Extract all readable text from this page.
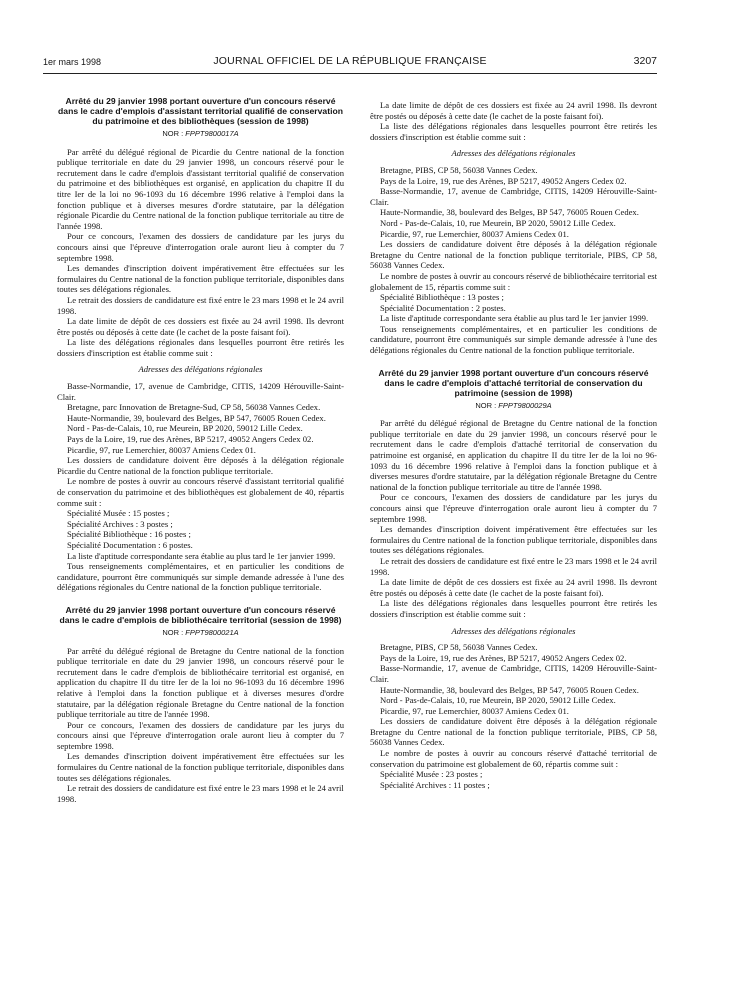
1er mars 1998	JOURNAL OFFICIEL DE LA RÉPUBLIQUE FRANÇAISE	3207
Arrêté du 29 janvier 1998 portant ouverture d'un concours réservé dans le cadre d'emplois d'assistant territorial qualifié de conservation du patrimoine et des bibliothèques (session de 1998)
NOR : FPPT9800017A

Par arrêté du délégué régional de Picardie du Centre national de la fonction publique territoriale en date du 29 janvier 1998, un concours réservé pour le recrutement dans le cadre d'emplois d'assistant territorial qualifié de conservation du patrimoine et des bibliothèques est organisé, en application du chapitre II du titre Ier de la loi no 96-1093 du 16 décembre 1996 relative à l'emploi dans la fonction publique et à diverses mesures d'ordre statutaire, par la délégation régionale Picardie du Centre national de la fonction publique territoriale au titre de l'année 1998.

Pour ce concours, l'examen des dossiers de candidature par les jurys du concours ainsi que l'épreuve d'interrogation orale auront lieu à compter du 7 septembre 1998.

Les demandes d'inscription doivent impérativement être effectuées sur les formulaires du Centre national de la fonction publique territoriale, disponibles dans toutes ses délégations régionales.

Le retrait des dossiers de candidature est fixé entre le 23 mars 1998 et le 24 avril 1998.

La date limite de dépôt de ces dossiers est fixée au 24 avril 1998. Ils devront être postés ou déposés à cette date (le cachet de la poste faisant foi).

La liste des délégations régionales dans lesquelles pourront être retirés les dossiers d'inscription est établie comme suit :

Adresses des délégations régionales

Basse-Normandie, 17, avenue de Cambridge, CITIS, 14209 Hérouville-Saint-Clair.

Bretagne, parc Innovation de Bretagne-Sud, CP 58, 56038 Vannes Cedex.

Haute-Normandie, 39, boulevard des Belges, BP 547, 76005 Rouen Cedex.

Nord - Pas-de-Calais, 10, rue Meurein, BP 2020, 59012 Lille Cedex.

Pays de la Loire, 19, rue des Arènes, BP 5217, 49052 Angers Cedex 02.

Picardie, 97, rue Lemerchier, 80037 Amiens Cedex 01.

Les dossiers de candidature doivent être déposés à la délégation régionale Picardie du Centre national de la fonction publique territoriale.

Le nombre de postes à ouvrir au concours réservé d'assistant territorial qualifié de conservation du patrimoine et des bibliothèques est globalement de 40, répartis comme suit :

Spécialité Musée : 15 postes ;

Spécialité Archives : 3 postes ;

Spécialité Bibliothèque : 16 postes ;

Spécialité Documentation : 6 postes.

La liste d'aptitude correspondante sera établie au plus tard le 1er janvier 1999.

Tous renseignements complémentaires, et en particulier les conditions de candidature, pourront être communiqués sur simple demande adressée à l'une des délégations régionales du Centre national de la fonction publique territoriale.

Arrêté du 29 janvier 1998 portant ouverture d'un concours réservé dans le cadre d'emplois de bibliothécaire territorial (session de 1998)
NOR : FPPT9800021A

Par arrêté du délégué régional de Bretagne du Centre national de la fonction publique territoriale en date du 29 janvier 1998, un concours réservé pour le recrutement dans le cadre d'emplois de bibliothécaire territorial est organisé, en application du chapitre II du titre Ier de la loi no 96-1093 du 16 décembre 1996 relative à l'emploi dans la fonction publique et à diverses mesures d'ordre statutaire, par la délégation régionale Bretagne du Centre national de la fonction publique territoriale au titre de l'année 1998.

Pour ce concours, l'examen des dossiers de candidature par les jurys du concours ainsi que l'épreuve d'interrogation orale auront lieu à compter du 7 septembre 1998.

Les demandes d'inscription doivent impérativement être effectuées sur les formulaires du Centre national de la fonction publique territoriale, disponibles dans toutes ses délégations régionales.

Le retrait des dossiers de candidature est fixé entre le 23 mars 1998 et le 24 avril 1998.

La date limite de dépôt de ces dossiers est fixée au 24 avril 1998. Ils devront être postés ou déposés à cette date (le cachet de la poste faisant foi).

La liste des délégations régionales dans lesquelles pourront être retirés les dossiers d'inscription est établie comme suit :

Adresses des délégations régionales

Bretagne, PIBS, CP 58, 56038 Vannes Cedex.

Pays de la Loire, 19, rue des Arènes, BP 5217, 49052 Angers Cedex 02.

Basse-Normandie, 17, avenue de Cambridge, CITIS, 14209 Hérouville-Saint-Clair.

Haute-Normandie, 38, boulevard des Belges, BP 547, 76005 Rouen Cedex.

Nord - Pas-de-Calais, 10, rue Meurein, BP 2020, 59012 Lille Cedex.

Picardie, 97, rue Lemerchier, 80037 Amiens Cedex 01.

Les dossiers de candidature doivent être déposés à la délégation régionale Bretagne du Centre national de la fonction publique territoriale, PIBS, CP 58, 56038 Vannes Cedex.

Le nombre de postes à ouvrir au concours réservé de bibliothécaire territorial est globalement de 15, répartis comme suit :

Spécialité Bibliothèque : 13 postes ;

Spécialité Documentation : 2 postes.

La liste d'aptitude correspondante sera établie au plus tard le 1er janvier 1999.

Tous renseignements complémentaires, et en particulier les conditions de candidature, pourront être communiqués sur simple demande adressée à l'une des délégations régionales du Centre national de la fonction publique territoriale.

Arrêté du 29 janvier 1998 portant ouverture d'un concours réservé dans le cadre d'emplois d'attaché territorial de conservation du patrimoine (session de 1998)
NOR : FPPT9800029A

Par arrêté du délégué régional de Bretagne du Centre national de la fonction publique territoriale en date du 29 janvier 1998, un concours réservé pour le recrutement dans le cadre d'emplois d'attaché territorial de conservation du patrimoine est organisé, en application du chapitre II du titre Ier de la loi no 96-1093 du 16 décembre 1996 relative à l'emploi dans la fonction publique et à diverses mesures d'ordre statutaire, par la délégation régionale Bretagne du Centre national de la fonction publique territoriale au titre de l'année 1998.

Pour ce concours, l'examen des dossiers de candidature par les jurys du concours ainsi que l'épreuve d'interrogation orale auront lieu à compter du 7 septembre 1998.

Les demandes d'inscription doivent impérativement être effectuées sur les formulaires du Centre national de la fonction publique territoriale, disponibles dans toutes ses délégations régionales.

Le retrait des dossiers de candidature est fixé entre le 23 mars 1998 et le 24 avril 1998.

La date limite de dépôt de ces dossiers est fixée au 24 avril 1998. Ils devront être postés ou déposés à cette date (le cachet de la poste faisant foi).

La liste des délégations régionales dans lesquelles pourront être retirés les dossiers d'inscription est établie comme suit :

Adresses des délégations régionales

Bretagne, PIBS, CP 58, 56038 Vannes Cedex.

Pays de la Loire, 19, rue des Arènes, BP 5217, 49052 Angers Cedex 02.

Basse-Normandie, 17, avenue de Cambridge, CITIS, 14209 Hérouville-Saint-Clair.

Haute-Normandie, 38, boulevard des Belges, BP 547, 76005 Rouen Cedex.

Nord - Pas-de-Calais, 10, rue Meurein, BP 2020, 59012 Lille Cedex.

Picardie, 97, rue Lemerchier, 80037 Amiens Cedex 01.

Les dossiers de candidature doivent être déposés à la délégation régionale Bretagne du Centre national de la fonction publique territoriale, PIBS, CP 58, 56038 Vannes Cedex.

Le nombre de postes à ouvrir au concours réservé d'attaché territorial de conservation du patrimoine est globalement de 60, répartis comme suit :

Spécialité Musée : 23 postes ;

Spécialité Archives : 11 postes ;
